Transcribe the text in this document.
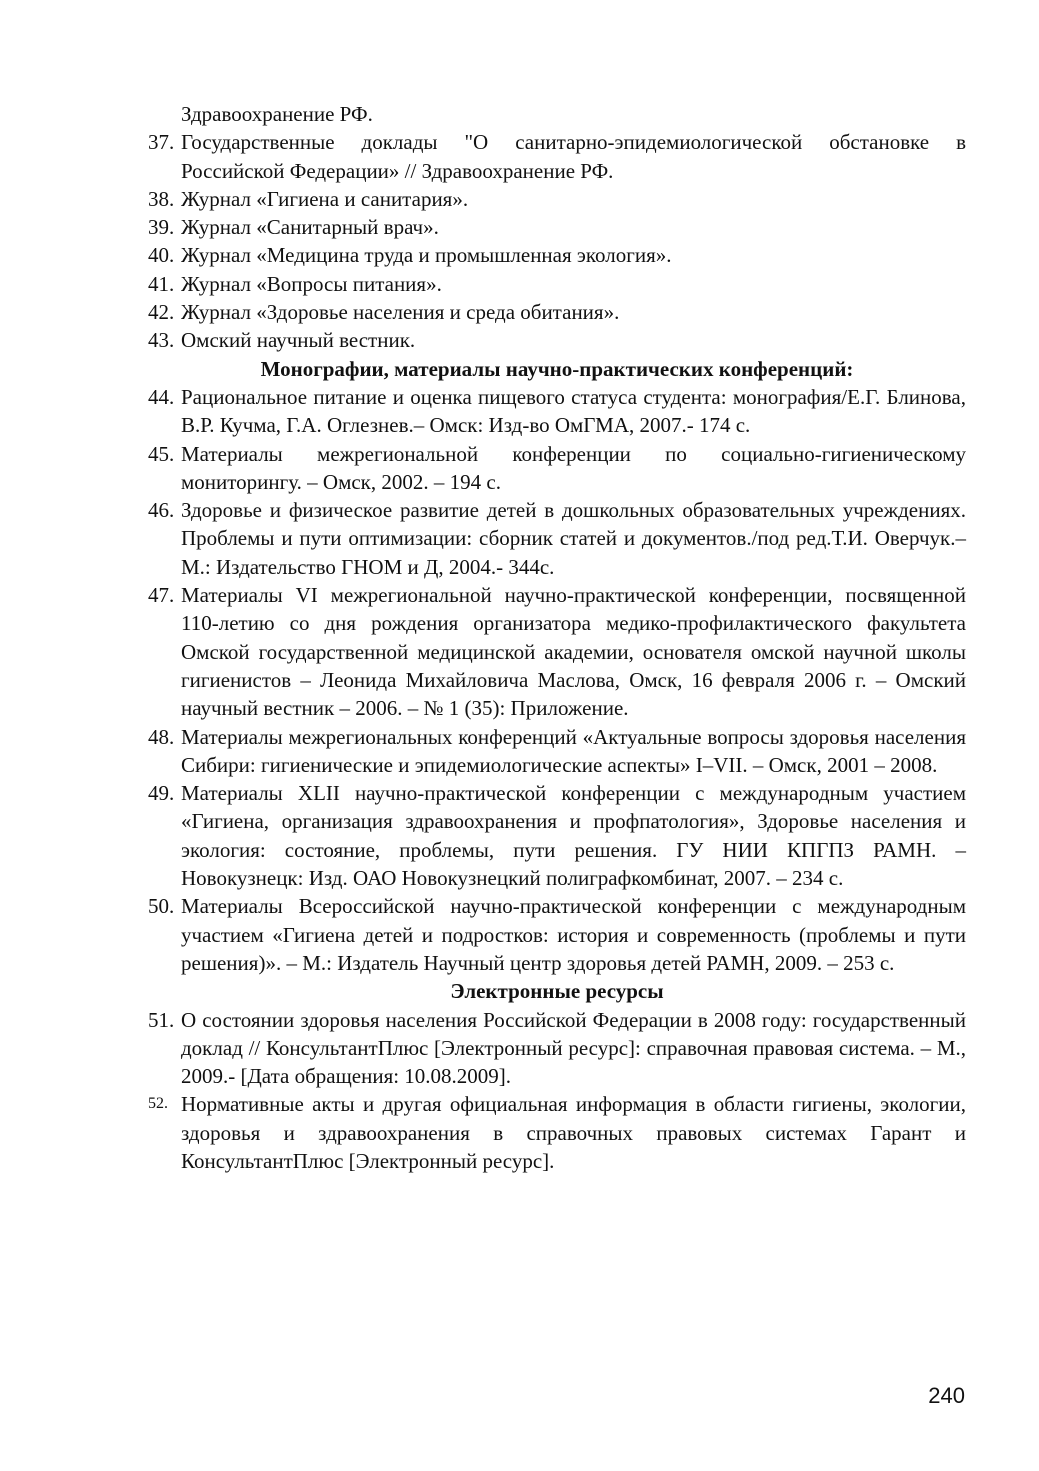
Здравоохранение РФ.
37. Государственные доклады "О санитарно-эпидемиологической обстановке в Российской Федерации» // Здравоохранение РФ.
38. Журнал «Гигиена и санитария».
39. Журнал «Санитарный врач».
40. Журнал «Медицина труда и промышленная экология».
41. Журнал «Вопросы питания».
42. Журнал «Здоровье населения и среда обитания».
43. Омский научный вестник.
Монографии, материалы научно-практических конференций:
44. Рациональное питание и оценка пищевого статуса студента: монография/Е.Г. Блинова, В.Р. Кучма, Г.А. Оглезнев.– Омск: Изд-во ОмГМА, 2007.- 174 с.
45. Материалы межрегиональной конференции по социально-гигиеническому мониторингу. – Омск, 2002. – 194 с.
46. Здоровье и физическое развитие детей в дошкольных образовательных учреждениях. Проблемы и пути оптимизации: сборник статей и документов./под ред.Т.И. Оверчук.– М.: Издательство ГНОМ и Д, 2004.- 344с.
47. Материалы VI межрегиональной научно-практической конференции, посвященной 110-летию со дня рождения организатора медико-профилактического факультета Омской государственной медицинской академии, основателя омской научной школы гигиенистов – Леонида Михайловича Маслова, Омск, 16 февраля 2006 г. – Омский научный вестник – 2006. – № 1 (35): Приложение.
48. Материалы межрегиональных конференций «Актуальные вопросы здоровья населения Сибири: гигиенические и эпидемиологические аспекты» I–VII. – Омск, 2001 – 2008.
49. Материалы XLII научно-практической конференции с международным участием «Гигиена, организация здравоохранения и профпатология», Здоровье населения и экология: состояние, проблемы, пути решения. ГУ НИИ КПГПЗ РАМН. – Новокузнецк: Изд. ОАО Новокузнецкий полиграфкомбинат, 2007. – 234 с.
50. Материалы Всероссийской научно-практической конференции с международным участием «Гигиена детей и подростков: история и современность (проблемы и пути решения)». – М.: Издатель Научный центр здоровья детей РАМН, 2009. – 253 с.
Электронные ресурсы
51. О состоянии здоровья населения Российской Федерации в 2008 году: государственный доклад // КонсультантПлюс [Электронный ресурс]: справочная правовая система. – М., 2009.- [Дата обращения: 10.08.2009].
52. Нормативные акты и другая официальная информация в области гигиены, экологии, здоровья и здравоохранения в справочных правовых системах Гарант и КонсультантПлюс [Электронный ресурс].
240
